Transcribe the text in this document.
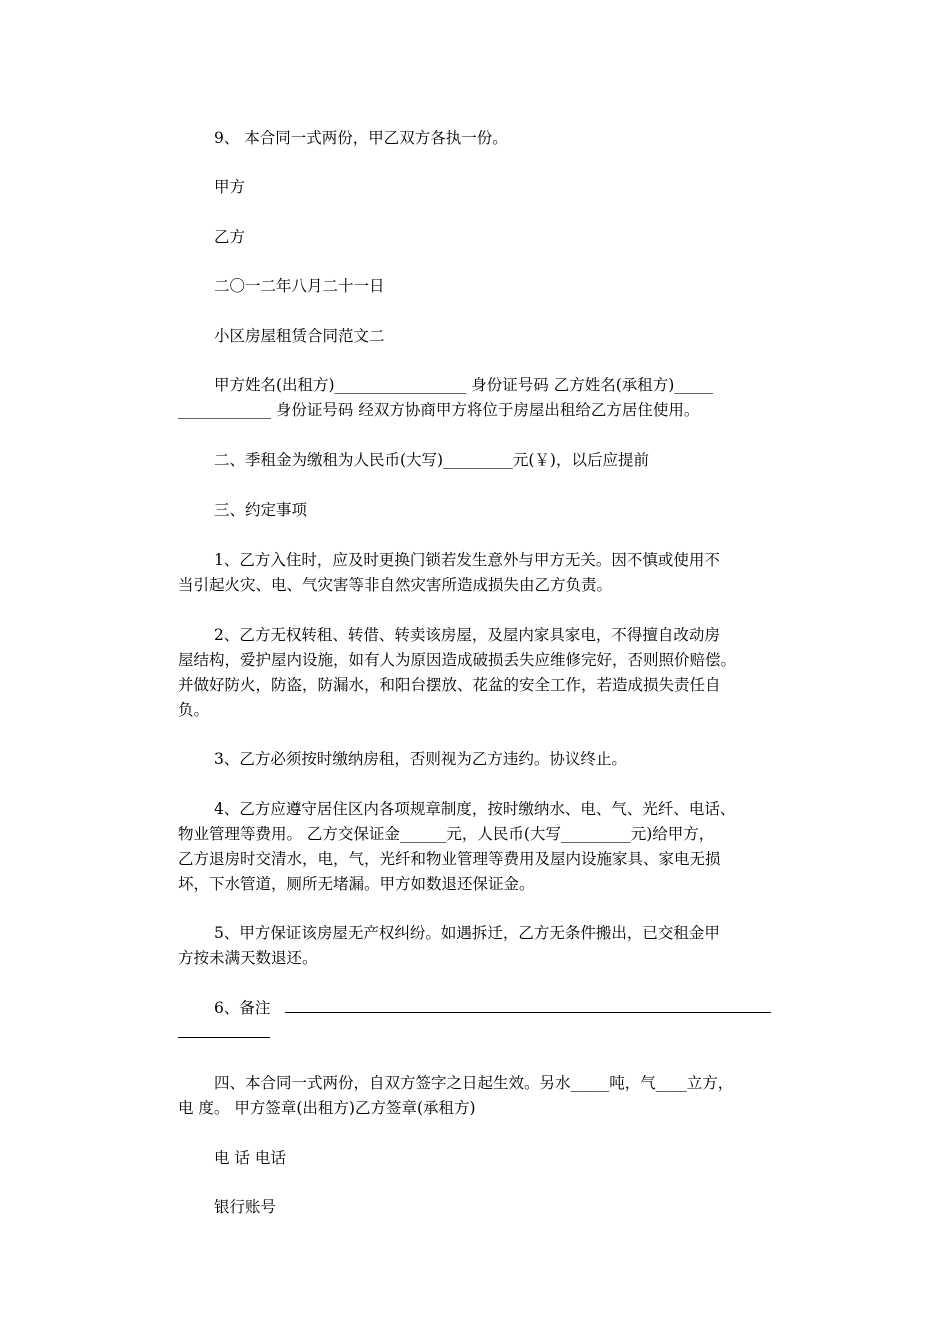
9、 本合同一式两份，甲乙双方各执一份。

甲方

乙方

二〇一二年八月二十一日

小区房屋租赁合同范文二

甲方姓名(出租方)_________________ 身份证号码 乙方姓名(承租方)_____
____________ 身份证号码 经双方协商甲方将位于房屋出租给乙方居住使用。

二、季租金为缴租为人民币(大写)_________元(￥)，以后应提前

三、约定事项

1、乙方入住时，应及时更换门锁若发生意外与甲方无关。因不慎或使用不
当引起火灾、电、气灾害等非自然灾害所造成损失由乙方负责。
2、乙方无权转租、转借、转卖该房屋，及屋内家具家电，不得擅自改动房
屋结构，爱护屋内设施，如有人为原因造成破损丢失应维修完好，否则照价赔偿。
并做好防火，防盗，防漏水，和阳台摆放、花盆的安全工作，若造成损失责任自
负。

3、乙方必须按时缴纳房租，否则视为乙方违约。协议终止。

4、乙方应遵守居住区内各项规章制度，按时缴纳水、电、气、光纤、电话、
物业管理等费用。 乙方交保证金______元，人民币(大写_________元)给甲方，
乙方退房时交清水，电，气，光纤和物业管理等费用及屋内设施家具、家电无损
坏，下水管道，厕所无堵漏。甲方如数退还保证金。
5、甲方保证该房屋无产权纠纷。如遇拆迁，乙方无条件搬出，已交租金甲
方按未满天数退还。
6、备注
四、本合同一式两份，自双方签字之日起生效。另水_____吨，气____立方，
电 度。 甲方签章(出租方)乙方签章(承租方)

电 话 电话

银行账号
